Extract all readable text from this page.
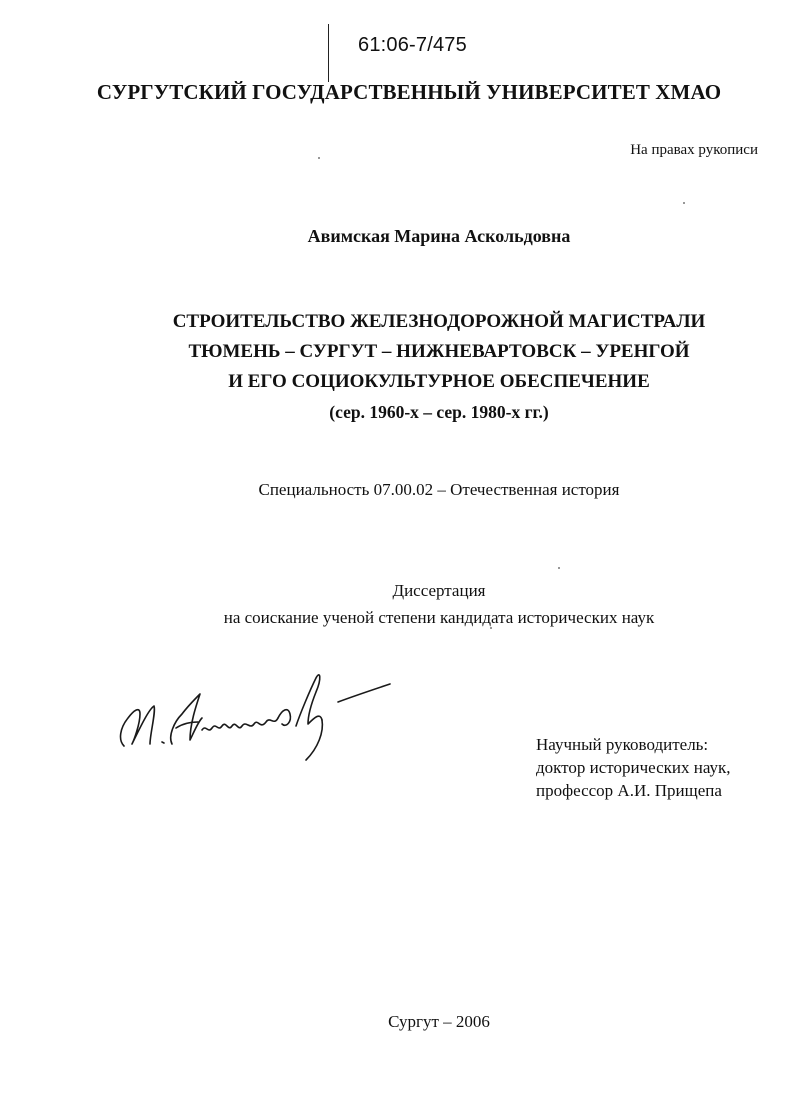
61:06-7/475
СУРГУТСКИЙ ГОСУДАРСТВЕННЫЙ УНИВЕРСИТЕТ ХМАО
На правах рукописи
Авимская Марина Аскольдовна
СТРОИТЕЛЬСТВО ЖЕЛЕЗНОДОРОЖНОЙ МАГИСТРАЛИ
ТЮМЕНЬ – СУРГУТ – НИЖНЕВАРТОВСК – УРЕНГОЙ
И ЕГО СОЦИОКУЛЬТУРНОЕ ОБЕСПЕЧЕНИЕ
(сер. 1960-х – сер. 1980-х гг.)
Специальность 07.00.02 – Отечественная история
Диссертация
на соискание ученой степени кандидата исторических наук
Научный руководитель:
доктор исторических наук,
профессор А.И. Прищепа
Сургут – 2006
